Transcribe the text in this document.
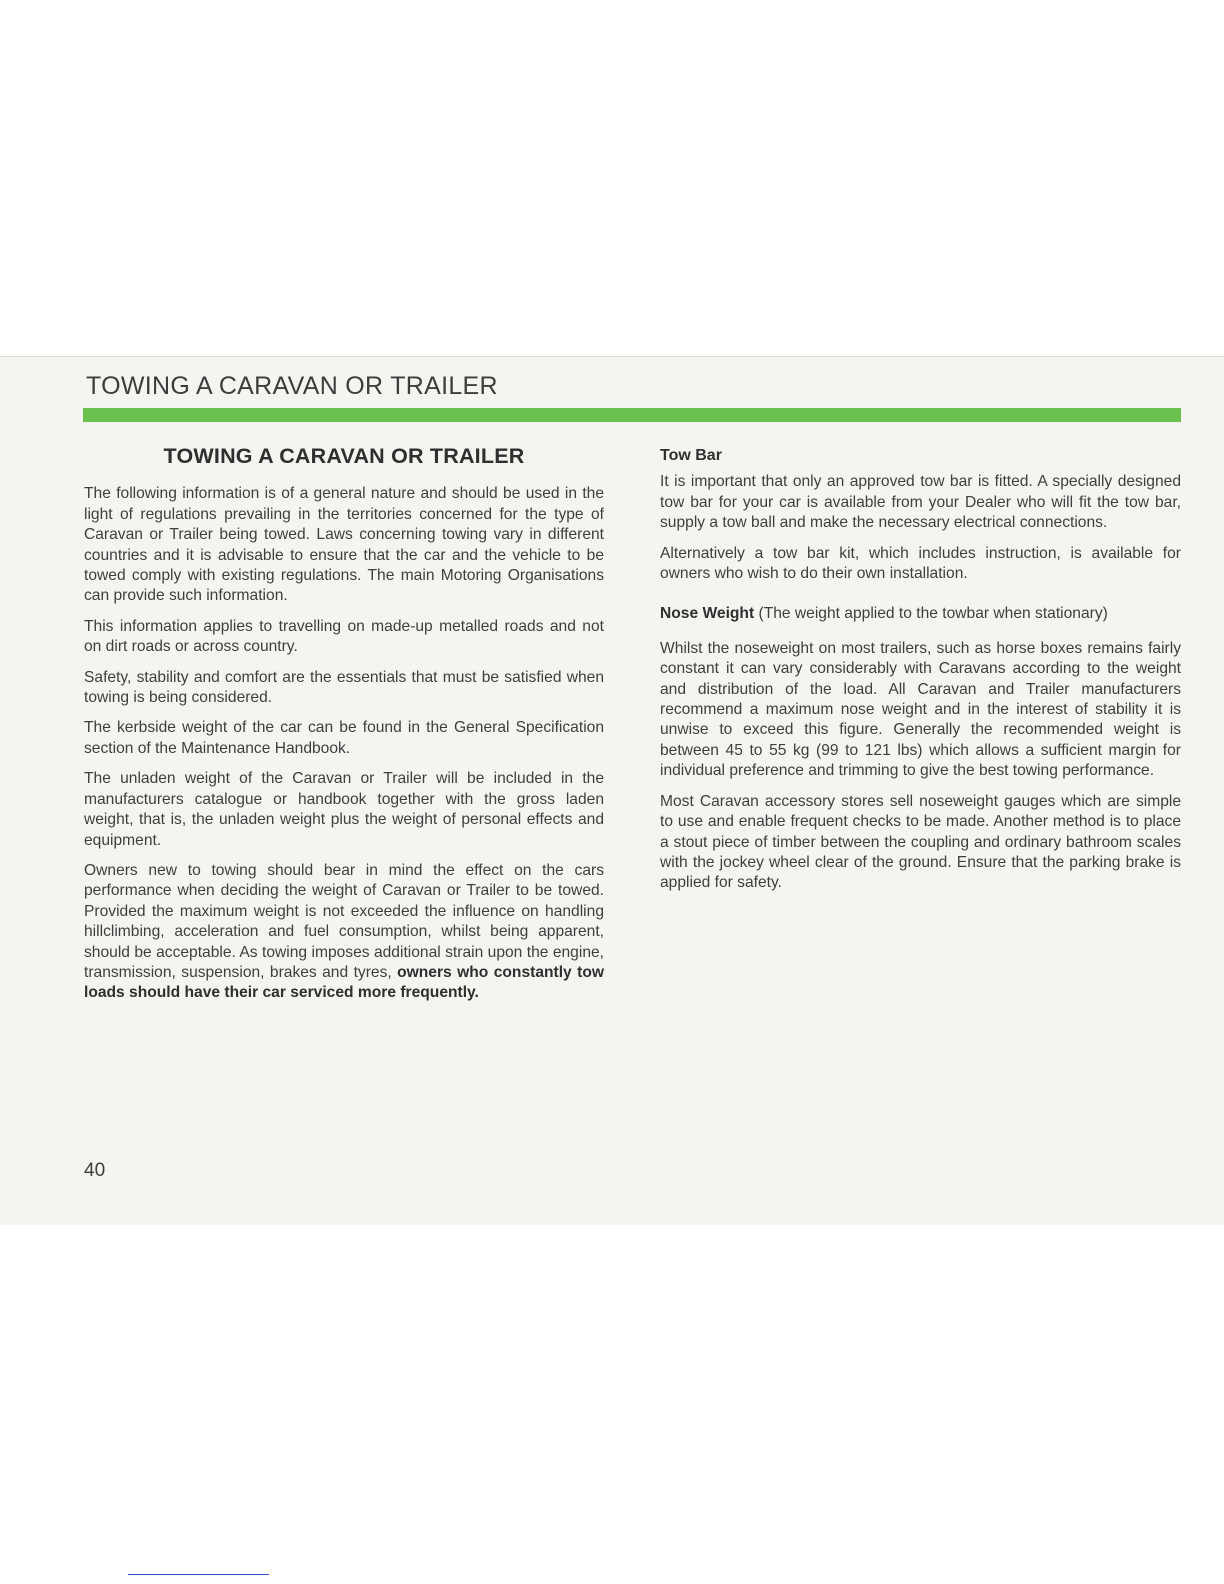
TOWING A CARAVAN OR TRAILER
TOWING A CARAVAN OR TRAILER

The following information is of a general nature and should be used in the light of regulations prevailing in the territories concerned for the type of Caravan or Trailer being towed. Laws concerning towing vary in different countries and it is advisable to ensure that the car and the vehicle to be towed comply with existing regulations. The main Motoring Organisations can provide such information.

This information applies to travelling on made-up metalled roads and not on dirt roads or across country.

Safety, stability and comfort are the essentials that must be satisfied when towing is being considered.

The kerbside weight of the car can be found in the General Specification section of the Maintenance Handbook.

The unladen weight of the Caravan or Trailer will be included in the manufacturers catalogue or handbook together with the gross laden weight, that is, the unladen weight plus the weight of personal effects and equipment.

Owners new to towing should bear in mind the effect on the cars performance when deciding the weight of Caravan or Trailer to be towed. Provided the maximum weight is not exceeded the influence on handling hillclimbing, acceleration and fuel consumption, whilst being apparent, should be acceptable. As towing imposes additional strain upon the engine, transmission, suspension, brakes and tyres, owners who constantly tow loads should have their car serviced more frequently.

Tow Bar

It is important that only an approved tow bar is fitted. A specially designed tow bar for your car is available from your Dealer who will fit the tow bar, supply a tow ball and make the necessary electrical connections.

Alternatively a tow bar kit, which includes instruction, is available for owners who wish to do their own installation.

Nose Weight (The weight applied to the towbar when stationary)

Whilst the noseweight on most trailers, such as horse boxes remains fairly constant it can vary considerably with Caravans according to the weight and distribution of the load. All Caravan and Trailer manufacturers recommend a maximum nose weight and in the interest of stability it is unwise to exceed this figure. Generally the recommended weight is between 45 to 55 kg (99 to 121 lbs) which allows a sufficient margin for individual preference and trimming to give the best towing performance.

Most Caravan accessory stores sell noseweight gauges which are simple to use and enable frequent checks to be made. Another method is to place a stout piece of timber between the coupling and ordinary bathroom scales with the jockey wheel clear of the ground. Ensure that the parking brake is applied for safety.

40
